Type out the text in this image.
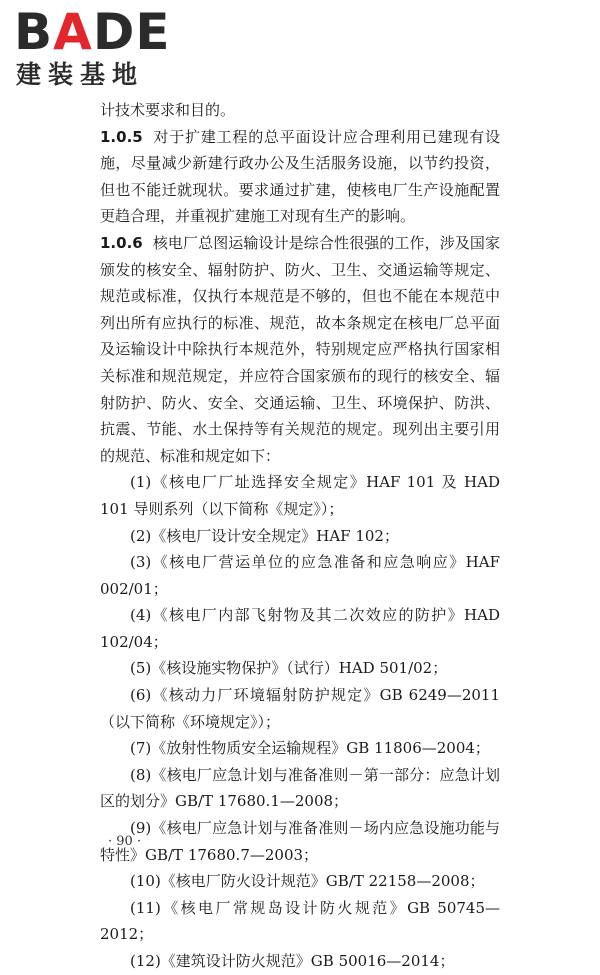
BADE
建装基地

计技术要求和目的。

1.0.5 对于扩建工程的总平面设计应合理利用已建现有设施，尽量减少新建行政办公及生活服务设施，以节约投资，但也不能迁就现状。要求通过扩建，使核电厂生产设施配置更趋合理，并重视扩建施工对现有生产的影响。

1.0.6 核电厂总图运输设计是综合性很强的工作，涉及国家颁发的核安全、辐射防护、防火、卫生、交通运输等规定、规范或标准，仅执行本规范是不够的，但也不能在本规范中列出所有应执行的标准、规范，故本条规定在核电厂总平面及运输设计中除执行本规范外，特别规定应严格执行国家相关标准和规范规定，并应符合国家颁布的现行的核安全、辐射防护、防火、安全、交通运输、卫生、环境保护、防洪、抗震、节能、水土保持等有关规范的规定。现列出主要引用的规范、标准和规定如下：

(1)《核电厂厂址选择安全规定》HAF 101 及 HAD 101 导则系列（以下简称《规定》）；

(2)《核电厂设计安全规定》HAF 102；

(3)《核电厂营运单位的应急准备和应急响应》HAF 002/01；

(4)《核电厂内部飞射物及其二次效应的防护》HAD 102/04；

(5)《核设施实物保护》（试行）HAD 501/02；

(6)《核动力厂环境辐射防护规定》GB 6249—2011（以下简称《环境规定》）；

(7)《放射性物质安全运输规程》GB 11806—2004；

(8)《核电厂应急计划与准备准则－第一部分：应急计划区的划分》GB/T 17680.1—2008；

(9)《核电厂应急计划与准备准则－场内应急设施功能与特性》GB/T 17680.7—2003；

(10)《核电厂防火设计规范》GB/T 22158—2008；

(11)《核电厂常规岛设计防火规范》GB 50745—2012；

(12)《建筑设计防火规范》GB 50016—2014；

· 90 ·
